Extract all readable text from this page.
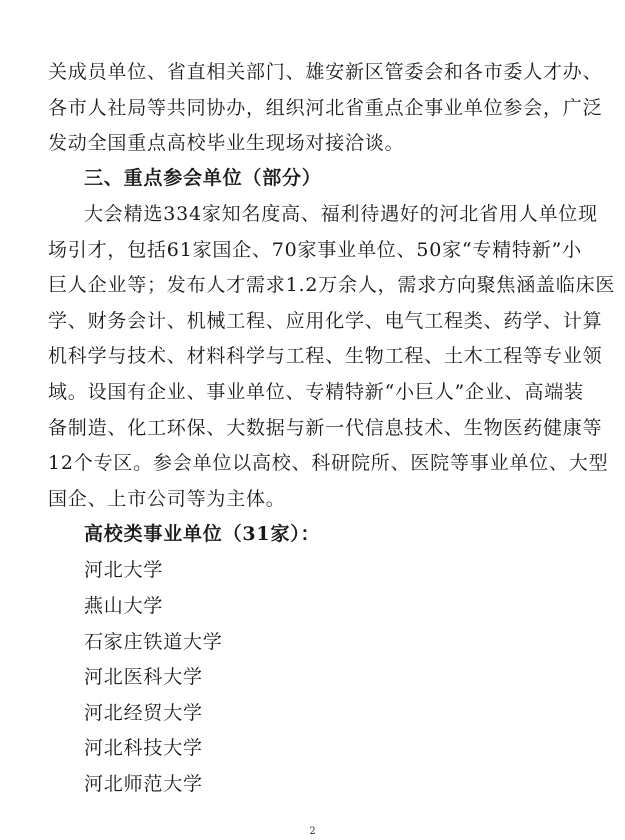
关成员单位、省直相关部门、雄安新区管委会和各市委人才办、
各市人社局等共同协办，组织河北省重点企事业单位参会，广泛
发动全国重点高校毕业生现场对接洽谈。
三、重点参会单位（部分）
大会精选334家知名度高、福利待遇好的河北省用人单位现
场引才，包括61家国企、70家事业单位、50家“专精特新”小
巨人企业等；发布人才需求1.2万余人，需求方向聚焦涵盖临床医
学、财务会计、机械工程、应用化学、电气工程类、药学、计算
机科学与技术、材料科学与工程、生物工程、土木工程等专业领
域。设国有企业、事业单位、专精特新“小巨人”企业、高端装
备制造、化工环保、大数据与新一代信息技术、生物医药健康等
12个专区。参会单位以高校、科研院所、医院等事业单位、大型
国企、上市公司等为主体。
高校类事业单位（31家）：
河北大学
燕山大学
石家庄铁道大学
河北医科大学
河北经贸大学
河北科技大学
河北师范大学
2
